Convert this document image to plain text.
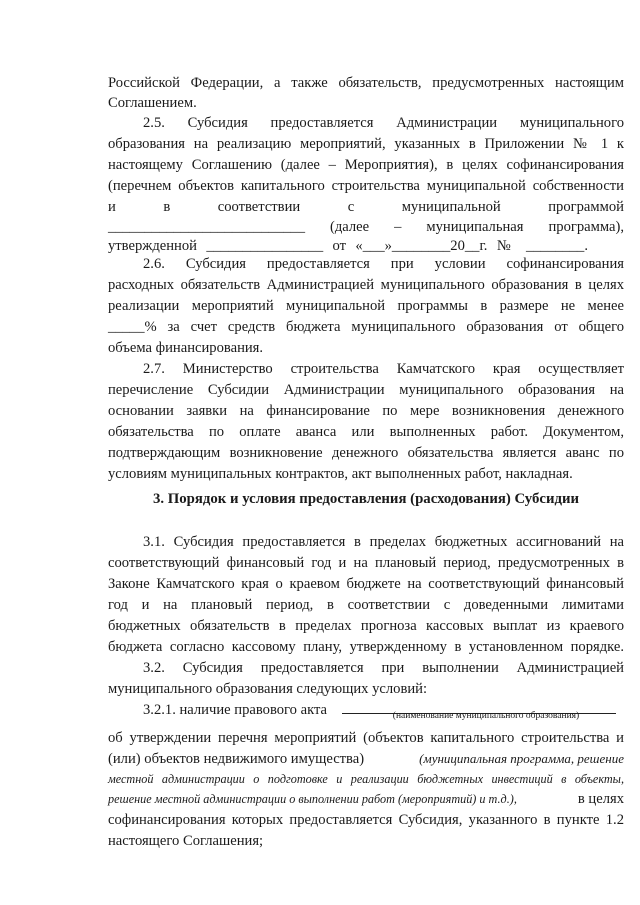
Российской Федерации, а также обязательств, предусмотренных настоящим
Соглашением.
2.5. Субсидия предоставляется Администрации муниципального
образования на реализацию мероприятий, указанных в Приложении № 1 к
настоящему Соглашению (далее – Мероприятия), в целях софинансирования
(перечнем объектов капитального строительства муниципальной собственности
и в соответствии с муниципальной программой
___________________________ (далее – муниципальная программа),
утвержденной ________________ от «___»________20__г. № ________.
2.6. Субсидия предоставляется при условии софинансирования
расходных обязательств Администрацией муниципального образования в целях
реализации мероприятий муниципальной программы в размере не менее
_____% за счет средств бюджета муниципального образования от общего
объема финансирования.
2.7. Министерство строительства Камчатского края осуществляет
перечисление Субсидии Администрации муниципального образования на
основании заявки на финансирование по мере возникновения денежного
обязательства по оплате аванса или выполненных работ. Документом,
подтверждающим возникновение денежного обязательства является аванс по
условиям муниципальных контрактов, акт выполненных работ, накладная.
3. Порядок и условия предоставления (расходования) Субсидии
3.1. Субсидия предоставляется в пределах бюджетных ассигнований на
соответствующий финансовый год и на плановый период, предусмотренных в
Законе Камчатского края о краевом бюджете на соответствующий финансовый
год и на плановый период, в соответствии с доведенными лимитами
бюджетных обязательств в пределах прогноза кассовых выплат из краевого
бюджета согласно кассовому плану, утвержденному в установленном порядке.
3.2. Субсидия предоставляется при выполнении Администрацией
муниципального образования следующих условий:
3.2.1. наличие правового акта	(наименование муниципального образования)
об утверждении перечня мероприятий (объектов капитального строительства и
(или) объектов недвижимого имущества)	(муниципальная программа, решение
местной администрации о подготовке и реализации бюджетных инвестиций в объекты,
решение местной администрации о выполнении работ (мероприятий) и т.д.),	в целях
софинансирования которых предоставляется Субсидия, указанного в пункте 1.2
настоящего Соглашения;
